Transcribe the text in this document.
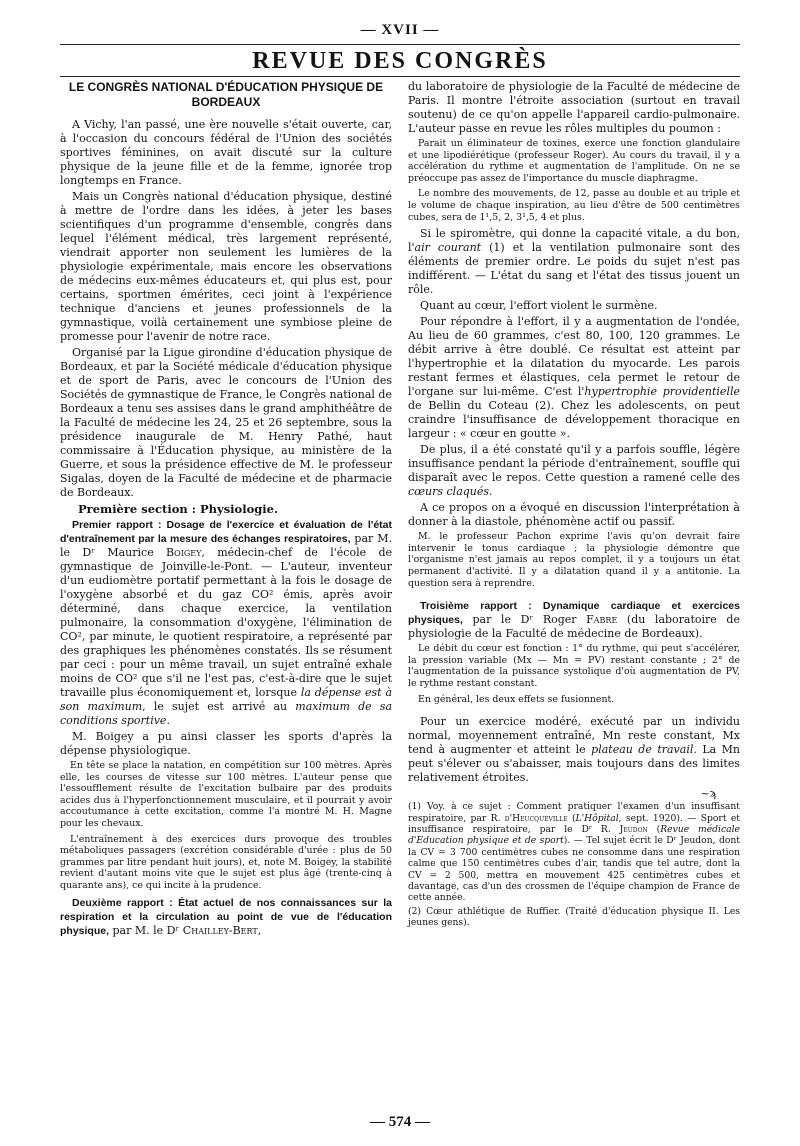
— XVII —
REVUE DES CONGRÈS
LE CONGRÈS NATIONAL D'ÉDUCATION PHYSIQUE DE BORDEAUX

A Vichy, l'an passé, une ère nouvelle s'était ouverte, car, à l'occasion du concours fédéral de l'Union des sociétés sportives féminines, on avait discuté sur la culture physique de la jeune fille et de la femme, ignorée trop longtemps en France.

Mais un Congrès national d'éducation physique, destiné à mettre de l'ordre dans les idées, à jeter les bases scientifiques d'un programme d'ensemble, congrès dans lequel l'élément médical, très largement représenté, viendrait apporter non seulement les lumières de la physiologie expérimentale, mais encore les observations de médecins eux-mêmes éducateurs et, qui plus est, pour certains, sportmen émérites, ceci joint à l'expérience technique d'anciens et jeunes professionnels de la gymnastique, voilà certainement une symbiose pleine de promesse pour l'avenir de notre race.

Organisé par la Ligue girondine d'éducation physique de Bordeaux, et par la Société médicale d'éducation physique et de sport de Paris, avec le concours de l'Union des Sociétés de gymnastique de France, le Congrès national de Bordeaux a tenu ses assises dans le grand amphithéâtre de la Faculté de médecine les 24, 25 et 26 septembre, sous la présidence inaugurale de M. Henry Pathé, haut commissaire à l'Éducation physique, au ministère de la Guerre, et sous la présidence effective de M. le professeur Sigalas, doyen de la Faculté de médecine et de pharmacie de Bordeaux.

Première section : Physiologie.

Premier rapport : Dosage de l'exercice et évaluation de l'état d'entraînement par la mesure des échanges respiratoires, par M. le Dʳ Maurice Boigey, médecin-chef de l'école de gymnastique de Joinville-le-Pont. — L'auteur, inventeur d'un eudiomètre portatif permettant à la fois le dosage de l'oxygène absorbé et du gaz CO² émis, après avoir déterminé, dans chaque exercice, la ventilation pulmonaire, la consommation d'oxygène, l'élimination de CO², par minute, le quotient respiratoire, a représenté par des graphiques les phénomènes constatés. Ils se résument par ceci : pour un même travail, un sujet entraîné exhale moins de CO² que s'il ne l'est pas, c'est-à-dire que le sujet travaille plus économiquement et, lorsque la dépense est à son maximum, le sujet est arrivé au maximum de sa conditions sportive.

M. Boigey a pu ainsi classer les sports d'après la dépense physiologique.

En tête se place la natation, en compétition sur 100 mètres. Après elle, les courses de vitesse sur 100 mètres. L'auteur pense que l'essoufflement résulte de l'excitation bulbaire par des produits acides dus à l'hyperfonctionnement musculaire, et il pourrait y avoir accoutumance à cette excitation, comme l'a montré M. H. Magne pour les chevaux.

L'entraînement à des exercices durs provoque des troubles métaboliques passagers (excrétion considérable d'urée : plus de 50 grammes par litre pendant huit jours), et, note M. Boigey, la stabilité revient d'autant moins vite que le sujet est plus âgé (trente-cinq à quarante ans), ce qui incite à la prudence.

Deuxième rapport : État actuel de nos connaissances sur la respiration et la circulation au point de vue de l'éducation physique, par M. le Dʳ Chailley-Bert,

du laboratoire de physiologie de la Faculté de médecine de Paris. Il montre l'étroite association (surtout en travail soutenu) de ce qu'on appelle l'appareil cardio-pulmonaire. L'auteur passe en revue les rôles multiples du poumon :

Parait un éliminateur de toxines, exerce une fonction glandulaire et une lipodiérétique (professeur Roger). Au cours du travail, il y a accélération du rythme et augmentation de l'amplitude. On ne se préoccupe pas assez de l'importance du muscle diaphragme.

Le nombre des mouvements, de 12, passe au double et au triple et le volume de chaque inspiration, au lieu d'être de 500 centimètres cubes, sera de 1¹,5, 2, 3¹,5, 4 et plus.

Si le spiromètre, qui donne la capacité vitale, a du bon, l'air courant (1) et la ventilation pulmonaire sont des éléments de premier ordre. Le poids du sujet n'est pas indifférent. — L'état du sang et l'état des tissus jouent un rôle.

Quant au cœur, l'effort violent le surmène.

Pour répondre à l'effort, il y a augmentation de l'ondée, Au lieu de 60 grammes, c'est 80, 100, 120 grammes. Le débit arrive à être doublé. Ce résultat est atteint par l'hypertrophie et la dilatation du myocarde. Les parois restant fermes et élastiques, cela permet le retour de l'organe sur lui-même. C'est l'hypertrophie providentielle de Bellin du Coteau (2). Chez les adolescents, on peut craindre l'insuffisance de développement thoracique en largeur : « cœur en goutte ».

De plus, il a été constaté qu'il y a parfois souffle, légère insuffisance pendant la période d'entraînement, souffle qui disparaît avec le repos. Cette question a ramené celle des cœurs claqués.

A ce propos on a évoqué en discussion l'interprétation à donner à la diastole, phénomène actif ou passif.

M. le professeur Pachon exprime l'avis qu'on devrait faire intervenir le tonus cardiaque ; la physiologie démontre que l'organisme n'est jamais au repos complet, il y a toujours un état permanent d'activité. Il y a dilatation quand il y a antitonie. La question sera à reprendre.

Troisième rapport : Dynamique cardiaque et exercices physiques, par le Dʳ Roger Fabre (du laboratoire de physiologie de la Faculté de médecine de Bordeaux).

Le débit du cœur est fonction : 1° du rythme, qui peut s'accélérer, la pression variable (Mx — Mn = PV) restant constante ; 2° de l'augmentation de la puissance systolique d'où augmentation de PV, le rythme restant constant.

En général, les deux effets se fusionnent.

Pour un exercice modéré, exécuté par un individu normal, moyennement entraîné, Mn reste constant, Mx tend à augmenter et atteint le plateau de travail. La Mn peut s'élever ou s'abaisser, mais toujours dans des limites relativement étroites.

~ϡ

(1) Voy. à ce sujet : Comment pratiquer l'examen d'un insuffisant respiratoire, par R. d'Heucqueville (L'Hôpital, sept. 1920). — Sport et insuffisance respiratoire, par le Dʳ R. Jeudon (Revue médicale d'Education physique et de sport). — Tel sujet écrit le Dʳ Jeudon, dont la CV = 3 700 centimètres cubes ne consomme dans une respiration calme que 150 centimètres cubes d'air, tandis que tel autre, dont la CV = 2 500, mettra en mouvement 425 centimètres cubes et davantage, cas d'un des crossmen de l'équipe champion de France de cette année.

(2) Cœur athlétique de Ruffier. (Traité d'éducation physique II. Les jeunes gens).

— 574 —
